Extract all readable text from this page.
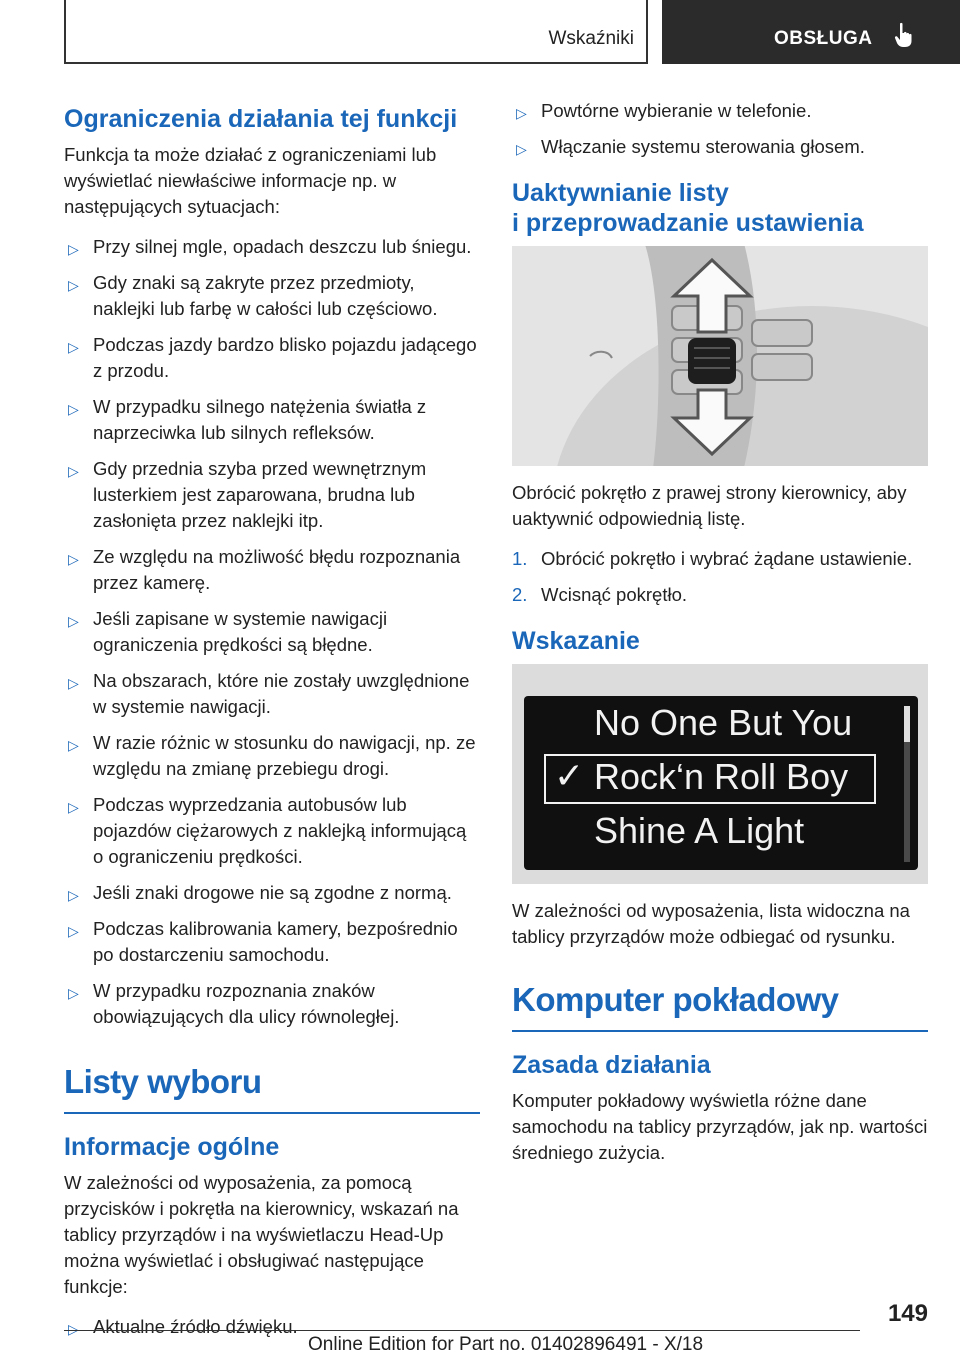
Wskaźniki	OBSŁUGA
Ograniczenia działania tej funkcji

Funkcja ta może działać z ograniczeniami lub wyświetlać niewłaściwe informacje np. w następujących sytuacjach:

▷ Przy silnej mgle, opadach deszczu lub śniegu.
▷ Gdy znaki są zakryte przez przedmioty, naklejki lub farbę w całości lub częściowo.
▷ Podczas jazdy bardzo blisko pojazdu jadącego z przodu.
▷ W przypadku silnego natężenia światła z naprzeciwka lub silnych refleksów.
▷ Gdy przednia szyba przed wewnętrznym lusterkiem jest zaparowana, brudna lub zasłonięta przez naklejki itp.
▷ Ze względu na możliwość błędu rozpoznania przez kamerę.
▷ Jeśli zapisane w systemie nawigacji ograniczenia prędkości są błędne.
▷ Na obszarach, które nie zostały uwzględnione w systemie nawigacji.
▷ W razie różnic w stosunku do nawigacji, np. ze względu na zmianę przebiegu drogi.
▷ Podczas wyprzedzania autobusów lub pojazdów ciężarowych z naklejką informującą o ograniczeniu prędkości.
▷ Jeśli znaki drogowe nie są zgodne z normą.
▷ Podczas kalibrowania kamery, bezpośrednio po dostarczeniu samochodu.
▷ W przypadku rozpoznania znaków obowiązujących dla ulicy równoległej.
Listy wyboru
Informacje ogólne

W zależności od wyposażenia, za pomocą przycisków i pokrętła na kierownicy, wskazań na tablicy przyrządów i na wyświetlaczu Head-Up można wyświetlać i obsługiwać następujące funkcje:

▷ Aktualne źródło dźwięku.
▷ Powtórne wybieranie w telefonie.
▷ Włączanie systemu sterowania głosem.
Uaktywnianie listy
i przeprowadzanie ustawienia

Obrócić pokrętło z prawej strony kierownicy, aby uaktywnić odpowiednią listę.

1. Obrócić pokrętło i wybrać żądane ustawienie.
2. Wcisnąć pokrętło.
Wskazanie
No One But You
✓ Rock‘n Roll Boy
Shine A Light

W zależności od wyposażenia, lista widoczna na tablicy przyrządów może odbiegać od rysunku.

Komputer pokładowy
Zasada działania

Komputer pokładowy wyświetla różne dane samochodu na tablicy przyrządów, jak np. wartości średniego zużycia.

149
Online Edition for Part no. 01402896491 - X/18
